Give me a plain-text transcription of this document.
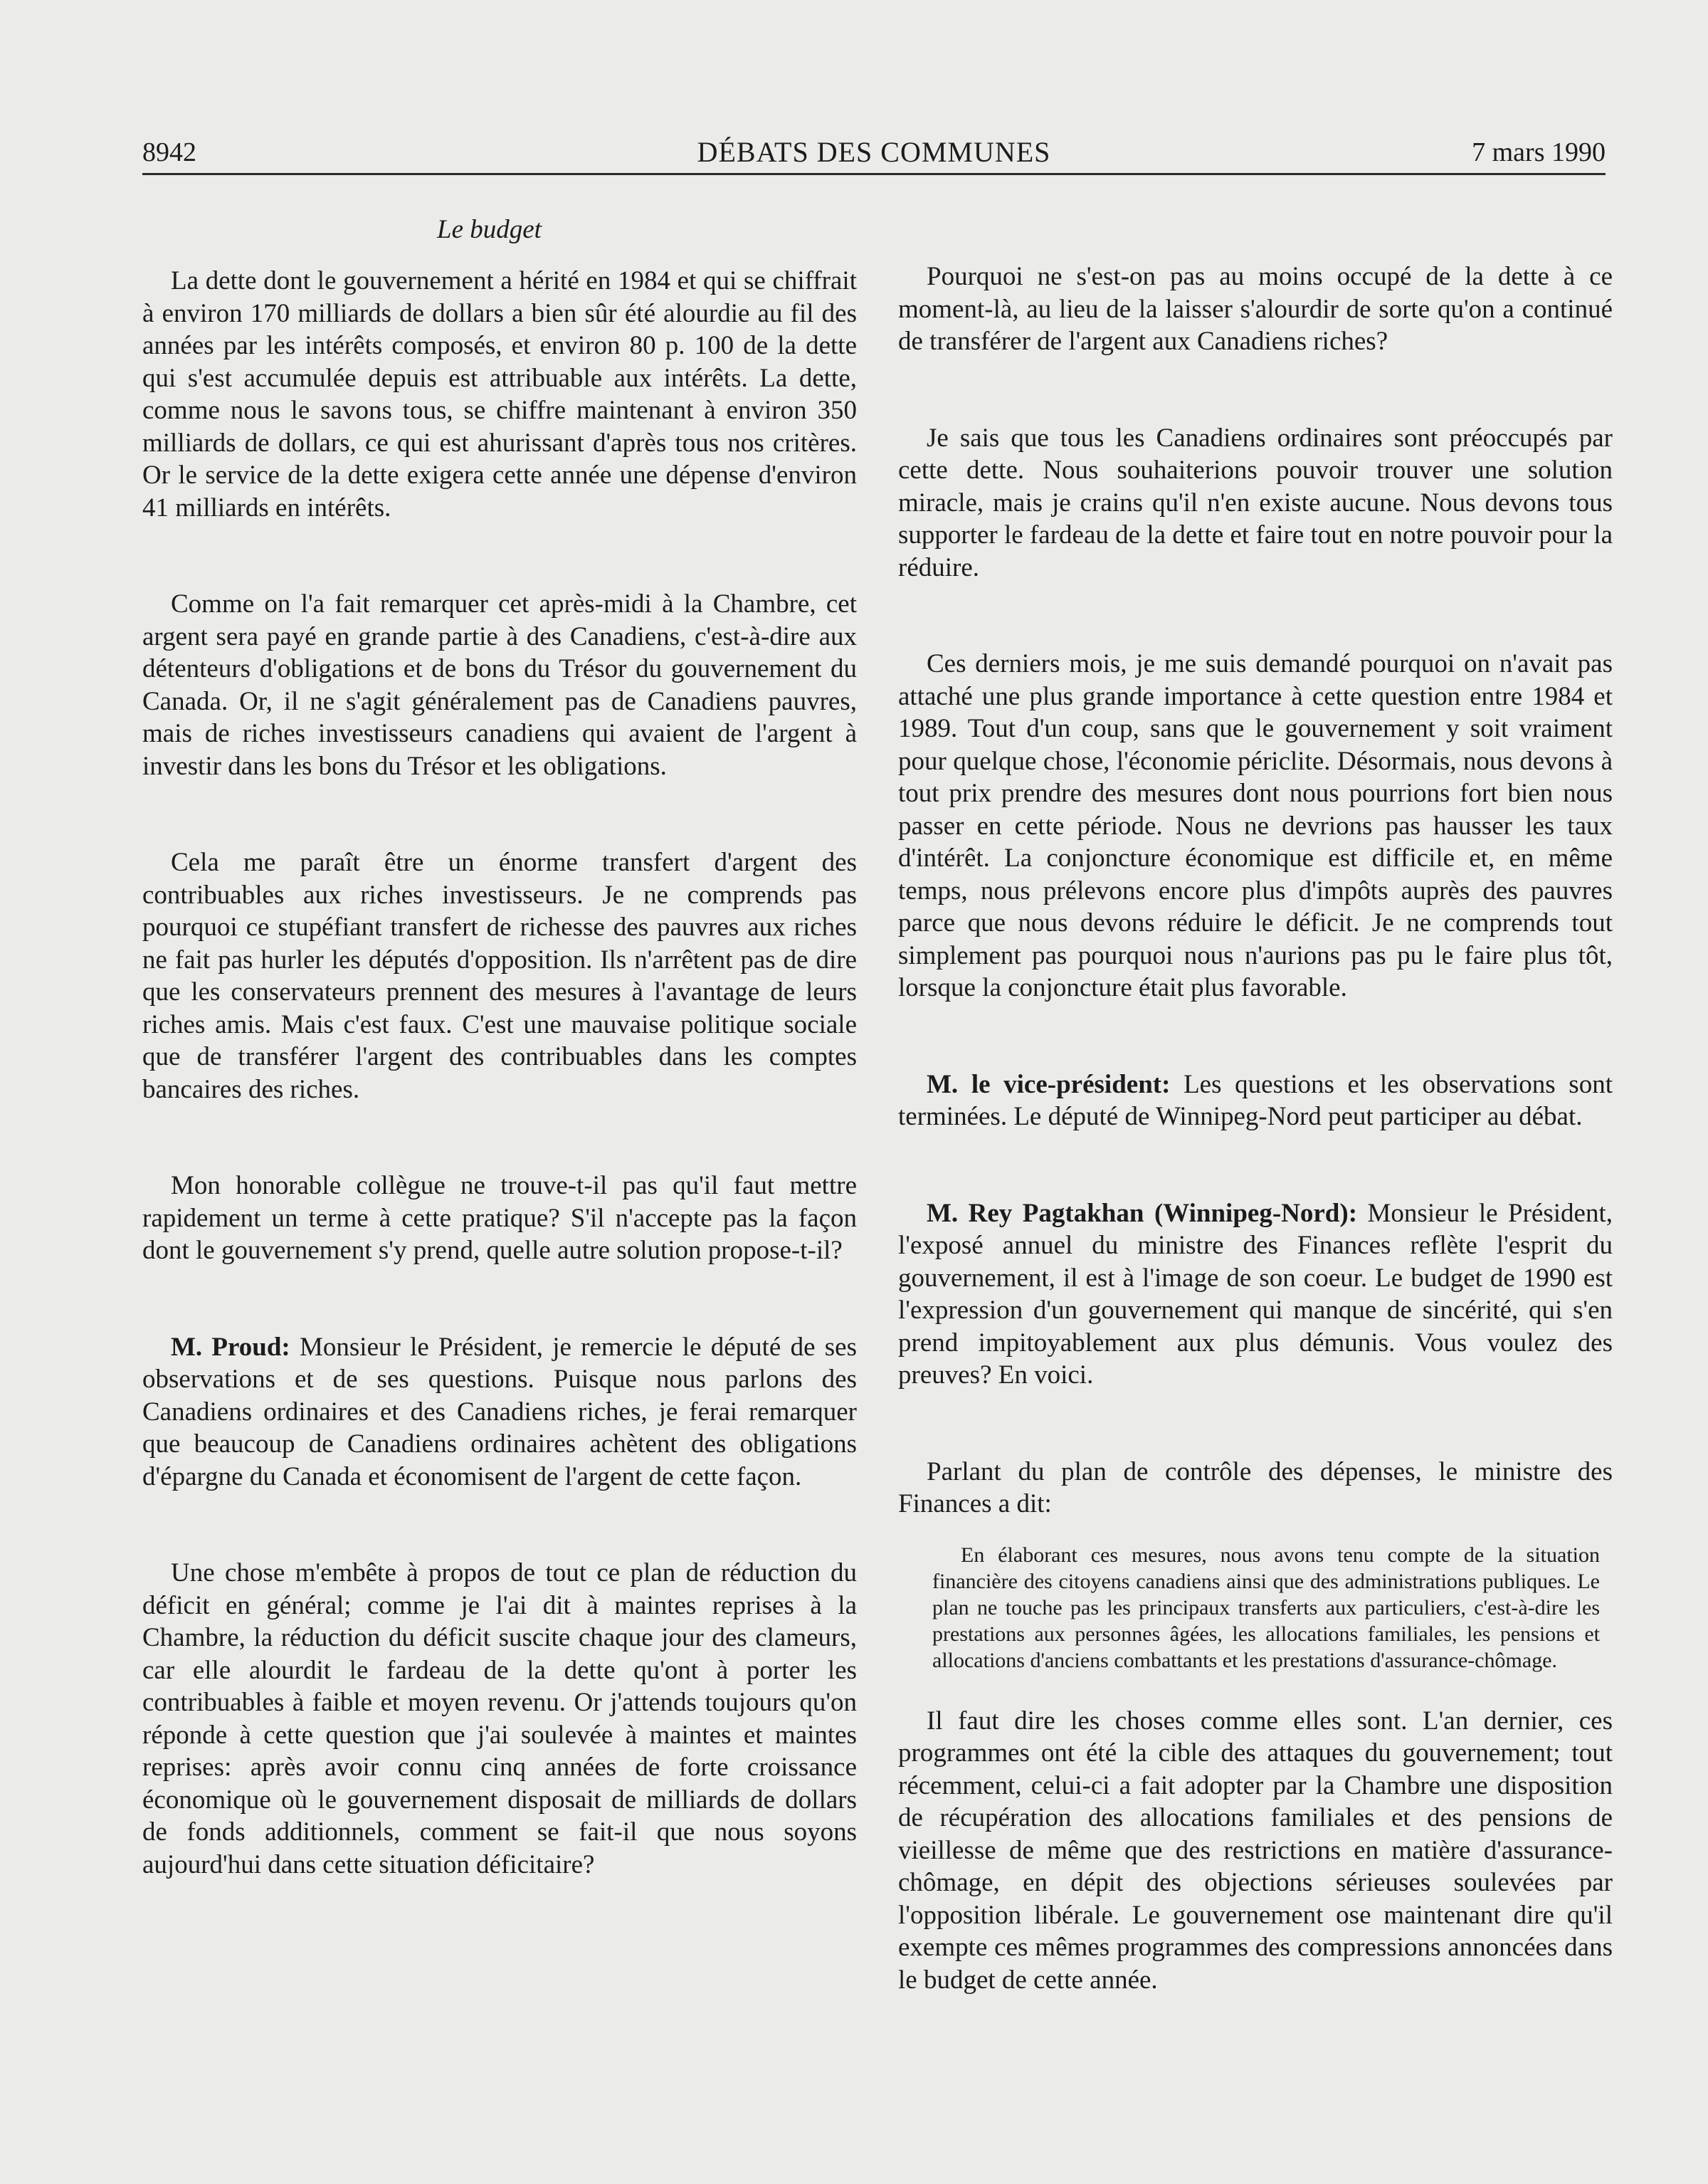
8942	DÉBATS DES COMMUNES	7 mars 1990
Le budget

La dette dont le gouvernement a hérité en 1984 et qui se chiffrait à environ 170 milliards de dollars a bien sûr été alourdie au fil des années par les intérêts composés, et environ 80 p. 100 de la dette qui s'est accumulée depuis est attribuable aux intérêts. La dette, comme nous le savons tous, se chiffre maintenant à environ 350 milliards de dollars, ce qui est ahurissant d'après tous nos critères. Or le service de la dette exigera cette année une dépense d'environ 41 milliards en intérêts.

Comme on l'a fait remarquer cet après-midi à la Chambre, cet argent sera payé en grande partie à des Canadiens, c'est-à-dire aux détenteurs d'obligations et de bons du Trésor du gouvernement du Canada. Or, il ne s'agit généralement pas de Canadiens pauvres, mais de riches investisseurs canadiens qui avaient de l'argent à investir dans les bons du Trésor et les obligations.

Cela me paraît être un énorme transfert d'argent des contribuables aux riches investisseurs. Je ne comprends pas pourquoi ce stupéfiant transfert de richesse des pauvres aux riches ne fait pas hurler les députés d'opposition. Ils n'arrêtent pas de dire que les conservateurs prennent des mesures à l'avantage de leurs riches amis. Mais c'est faux. C'est une mauvaise politique sociale que de transférer l'argent des contribuables dans les comptes bancaires des riches.

Mon honorable collègue ne trouve-t-il pas qu'il faut mettre rapidement un terme à cette pratique? S'il n'accepte pas la façon dont le gouvernement s'y prend, quelle autre solution propose-t-il?

M. Proud: Monsieur le Président, je remercie le député de ses observations et de ses questions. Puisque nous parlons des Canadiens ordinaires et des Canadiens riches, je ferai remarquer que beaucoup de Canadiens ordinaires achètent des obligations d'épargne du Canada et économisent de l'argent de cette façon.

Une chose m'embête à propos de tout ce plan de réduction du déficit en général; comme je l'ai dit à maintes reprises à la Chambre, la réduction du déficit suscite chaque jour des clameurs, car elle alourdit le fardeau de la dette qu'ont à porter les contribuables à faible et moyen revenu. Or j'attends toujours qu'on réponde à cette question que j'ai soulevée à maintes et maintes reprises: après avoir connu cinq années de forte croissance économique où le gouvernement disposait de milliards de dollars de fonds additionnels, comment se fait-il que nous soyons aujourd'hui dans cette situation déficitaire?

Pourquoi ne s'est-on pas au moins occupé de la dette à ce moment-là, au lieu de la laisser s'alourdir de sorte qu'on a continué de transférer de l'argent aux Canadiens riches?

Je sais que tous les Canadiens ordinaires sont préoccupés par cette dette. Nous souhaiterions pouvoir trouver une solution miracle, mais je crains qu'il n'en existe aucune. Nous devons tous supporter le fardeau de la dette et faire tout en notre pouvoir pour la réduire.

Ces derniers mois, je me suis demandé pourquoi on n'avait pas attaché une plus grande importance à cette question entre 1984 et 1989. Tout d'un coup, sans que le gouvernement y soit vraiment pour quelque chose, l'économie périclite. Désormais, nous devons à tout prix prendre des mesures dont nous pourrions fort bien nous passer en cette période. Nous ne devrions pas hausser les taux d'intérêt. La conjoncture économique est difficile et, en même temps, nous prélevons encore plus d'impôts auprès des pauvres parce que nous devons réduire le déficit. Je ne comprends tout simplement pas pourquoi nous n'aurions pas pu le faire plus tôt, lorsque la conjoncture était plus favorable.

M. le vice-président: Les questions et les observations sont terminées. Le député de Winnipeg-Nord peut participer au débat.

M. Rey Pagtakhan (Winnipeg-Nord): Monsieur le Président, l'exposé annuel du ministre des Finances reflète l'esprit du gouvernement, il est à l'image de son coeur. Le budget de 1990 est l'expression d'un gouvernement qui manque de sincérité, qui s'en prend impitoyablement aux plus démunis. Vous voulez des preuves? En voici.

Parlant du plan de contrôle des dépenses, le ministre des Finances a dit:

En élaborant ces mesures, nous avons tenu compte de la situation financière des citoyens canadiens ainsi que des administrations publiques. Le plan ne touche pas les principaux transferts aux particuliers, c'est-à-dire les prestations aux personnes âgées, les allocations familiales, les pensions et allocations d'anciens combattants et les prestations d'assurance-chômage.

Il faut dire les choses comme elles sont. L'an dernier, ces programmes ont été la cible des attaques du gouvernement; tout récemment, celui-ci a fait adopter par la Chambre une disposition de récupération des allocations familiales et des pensions de vieillesse de même que des restrictions en matière d'assurance-chômage, en dépit des objections sérieuses soulevées par l'opposition libérale. Le gouvernement ose maintenant dire qu'il exempte ces mêmes programmes des compressions annoncées dans le budget de cette année.
